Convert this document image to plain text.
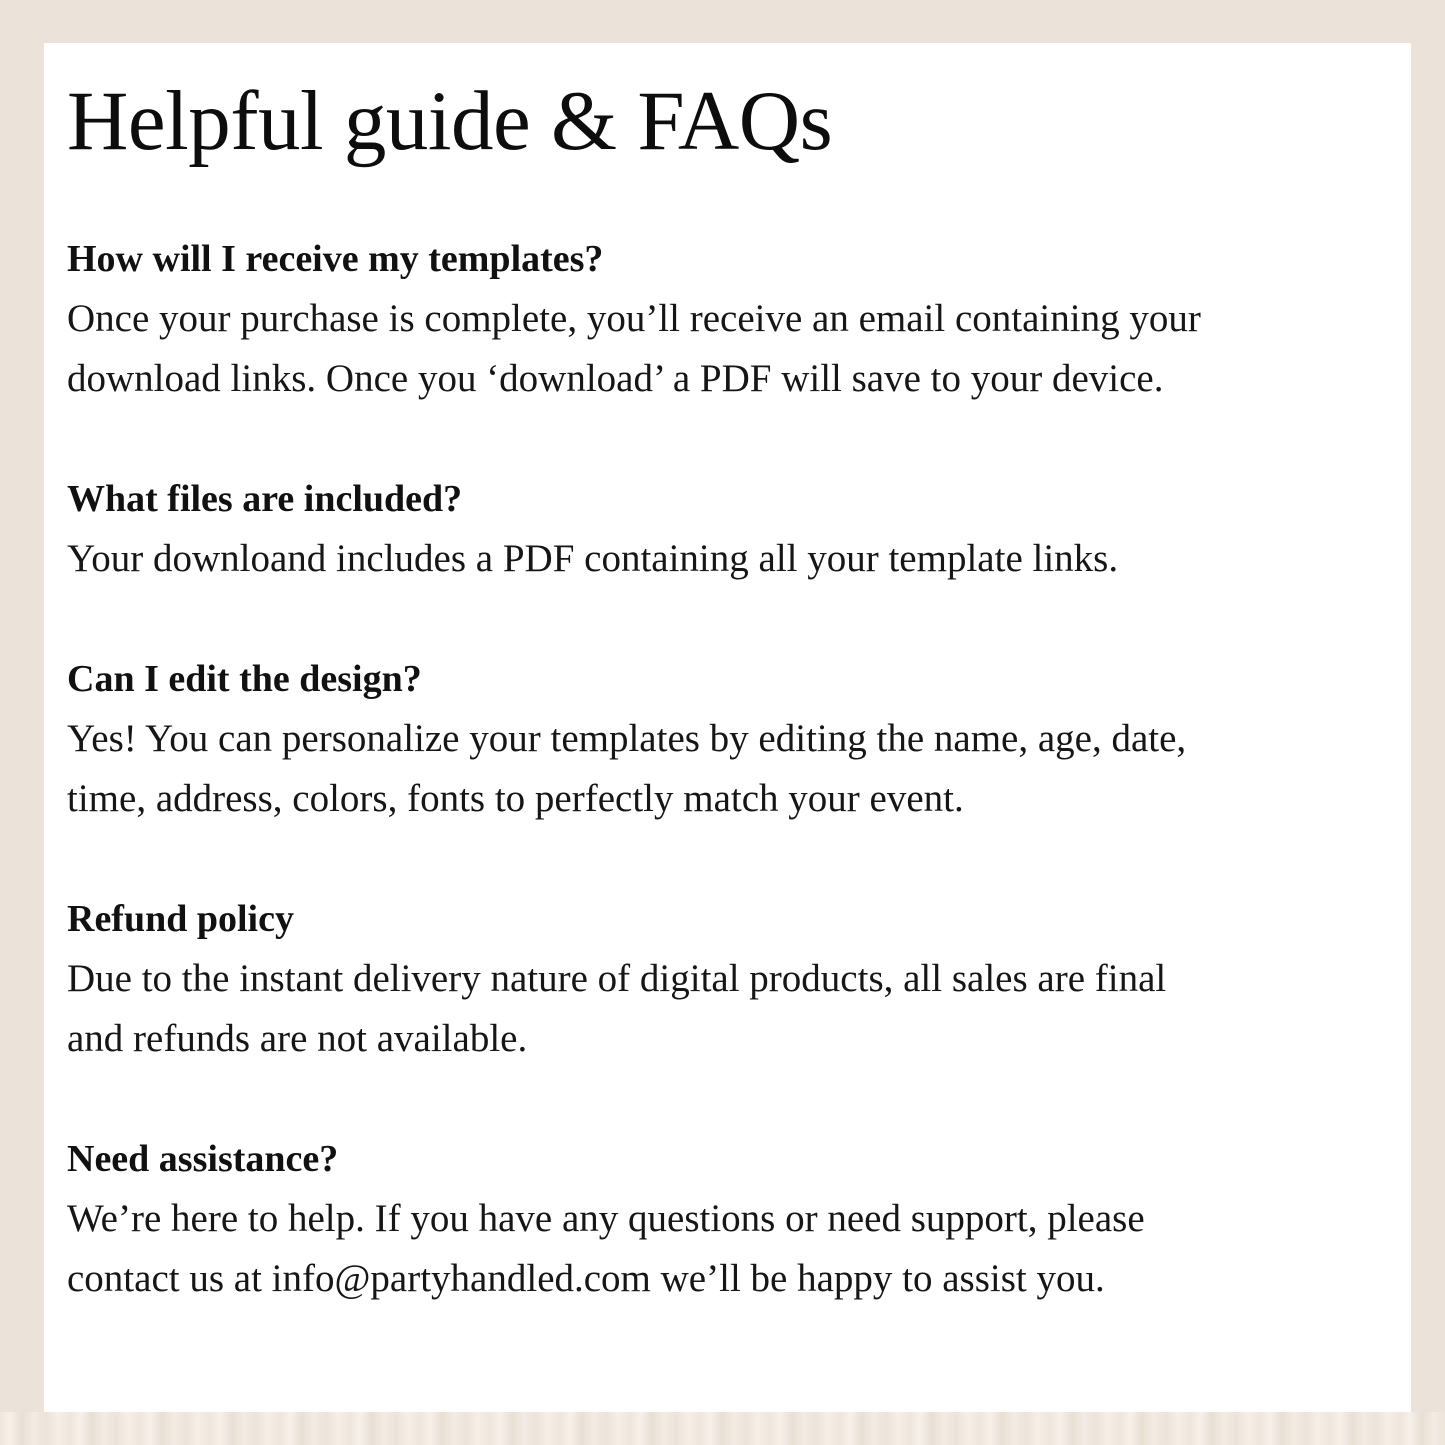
Helpful guide & FAQs
How will I receive my templates?
Once your purchase is complete, you’ll receive an email containing your
download links. Once you ‘download’ a PDF will save to your device.
What files are included?
Your downloand includes a PDF containing all your template links.
Can I edit the design?
Yes! You can personalize your templates by editing the name, age, date,
time, address, colors, fonts to perfectly match your event.
Refund policy
Due to the instant delivery nature of digital products, all sales are final
and refunds are not available.
Need assistance?
We’re here to help. If you have any questions or need support, please
contact us at info@partyhandled.com we’ll be happy to assist you.
